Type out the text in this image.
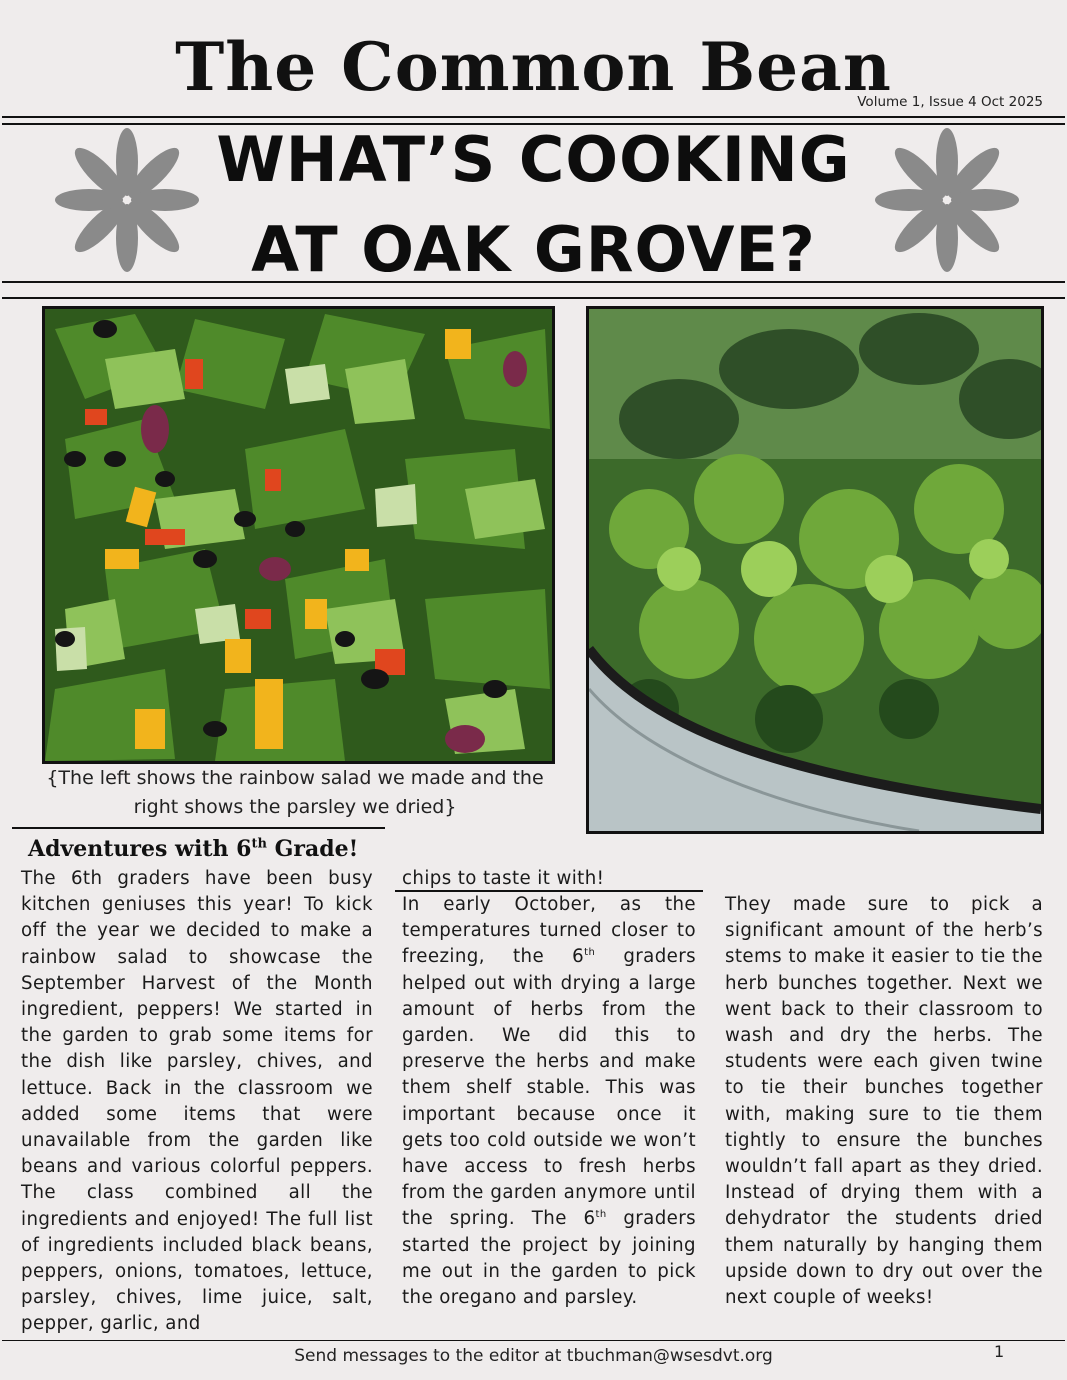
The Common Bean
Volume 1, Issue 4 Oct 2025
WHAT’S COOKING
AT OAK GROVE?
{The left shows the rainbow salad we made and the right shows the parsley we dried}
Adventures with 6th Grade!
The 6th graders have been busy kitchen geniuses this year! To kick off the year we decided to make a rainbow salad to showcase the September Harvest of the Month ingredient, peppers! We started in the garden to grab some items for the dish like parsley, chives, and lettuce. Back in the classroom we added some items that were unavailable from the garden like beans and various colorful peppers. The class combined all the ingredients and enjoyed! The full list of ingredients included black beans, peppers, onions, tomatoes, lettuce, parsley, chives, lime juice, salt, pepper, garlic, and
chips to taste it with!
In early October, as the temperatures turned closer to freezing, the 6th graders helped out with drying a large amount of herbs from the garden. We did this to preserve the herbs and make them shelf stable. This was important because once it gets too cold outside we won’t have access to fresh herbs from the garden anymore until the spring. The 6th graders started the project by joining me out in the garden to pick the oregano and parsley.
They made sure to pick a significant amount of the herb’s stems to make it easier to tie the herb bunches together. Next we went back to their classroom to wash and dry the herbs. The students were each given twine to tie their bunches together with, making sure to tie them tightly to ensure the bunches wouldn’t fall apart as they dried. Instead of drying them with a dehydrator the students dried them naturally by hanging them upside down to dry out over the next couple of weeks!
Send messages to the editor at tbuchman@wsesdvt.org	1
